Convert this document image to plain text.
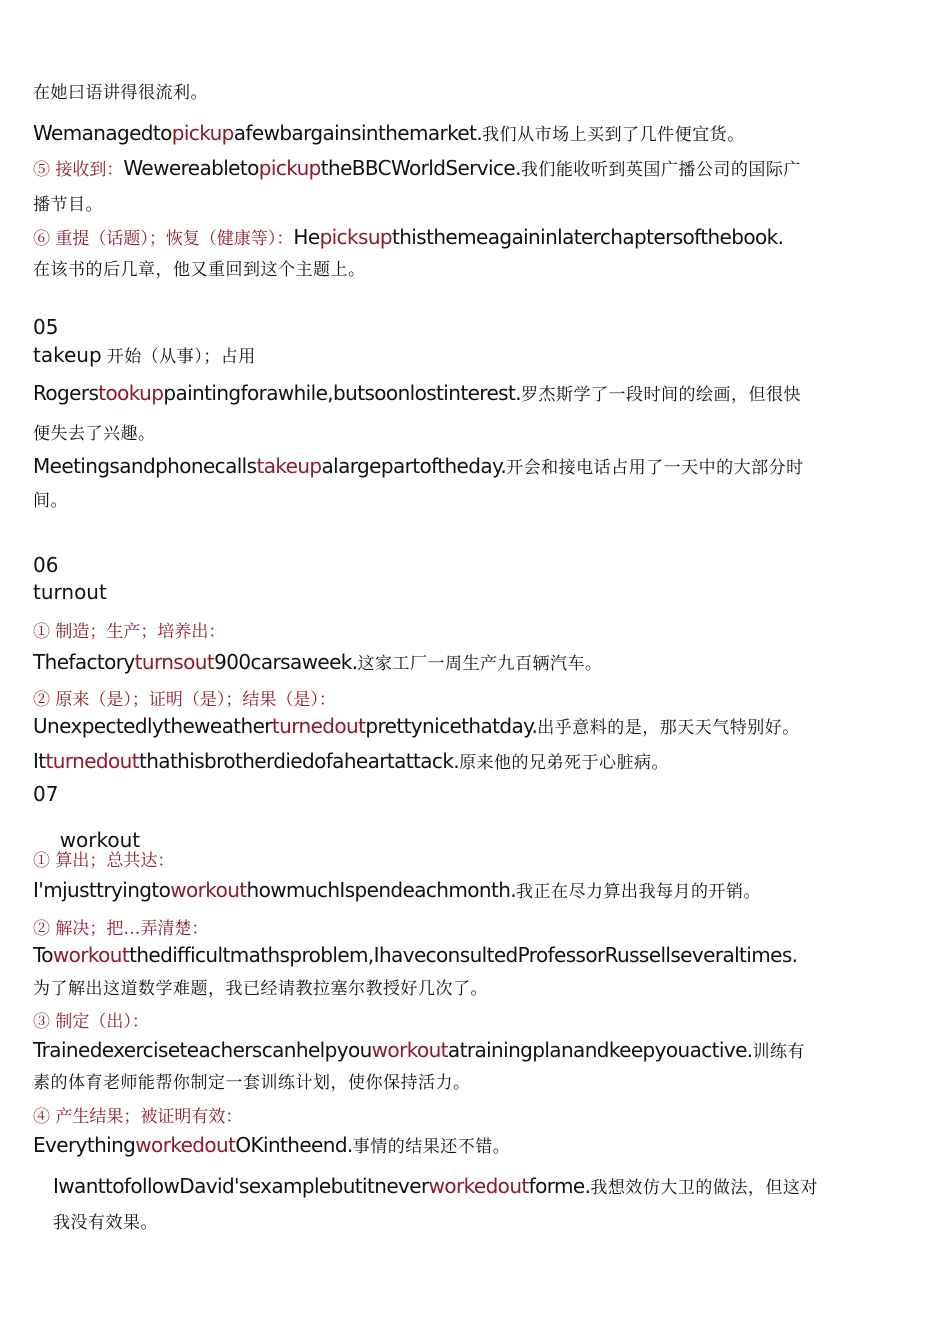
在她曰语讲得很流利。
Wemanagedtopickupafewbargainsinthemarket.我们从市场上买到了几件便宜货。
⑤ 接收到：WewereabletopickuptheBBCWorldService.我们能收听到英国广播公司的国际广
播节目。
⑥ 重提（话题）；恢复（健康等）：Hepicksupthisthemeagaininlaterchaptersofthebook.
在该书的后几章，他又重回到这个主题上。
05
takeup 开始（从事）；占用
Rogerstookuppaintingforawhile,butsoonlostinterest.罗杰斯学了一段时间的绘画，但很快
便失去了兴趣。
Meetingsandphonecallstakeupalargepartoftheday.开会和接电话占用了一天中的大部分时
间。
06
turnout
① 制造；生产；培养出：
Thefactoryturnsout900carsaweek.这家工厂一周生产九百辆汽车。
② 原来（是）；证明（是）；结果（是）：
Unexpectedlytheweatherturnedoutprettynicethatday.出乎意料的是，那天天气特别好。
Itturnedoutthathisbrotherdiedofaheartattack.原来他的兄弟死于心脏病。
07

workout

① 算出；总共达：
I'mjusttryingtoworkouthowmuchIspendeachmonth.我正在尽力算出我每月的开销。
② 解决；把…弄清楚：
Toworkoutthedifficultmathsproblem,IhaveconsultedProfessorRussellseveraltimes.
为了解出这道数学难题，我已经请教拉塞尔教授好几次了。
③ 制定（出）：
Trainedexerciseteacherscanhelpyouworkoutatrainingplanandkeepyouactive.训练有
素的体育老师能帮你制定一套训练计划，使你保持活力。
④ 产生结果；被证明有效：
EverythingworkedoutOKintheend.事情的结果还不错。
IwanttofollowDavid'sexamplebutitneverworkedoutforme.我想效仿大卫的做法，但这对
我没有效果。
